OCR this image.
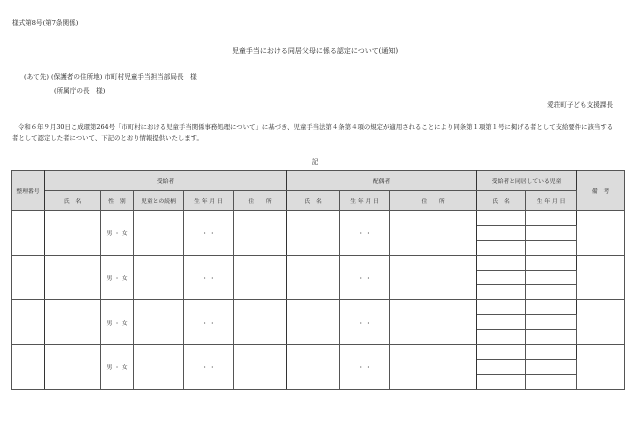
様式第8号(第7条関係)
児童手当における同居父母に係る認定について(通知)
(あて先) (保護者の住所地) 市町村児童手当担当部局長　様
(所属庁の長　様)
愛荘町子ども支援課長
令和６年９月30日こ成環第264号「市町村における児童手当関係事務処理について」に基づき、児童手当法第４条第４項の規定が適用されることにより同条第１項第１号に掲げる者として支給要件に該当する者として認定した者について、下記のとおり情報提供いたします。
記
整理番号	受給者					配偶者			受給者と同居している児童		備　考
	氏　名	性　別	児童との続柄	生 年 月 日	住　　所	氏　名	生 年 月 日	住　　所	氏　名	生 年 月 日	
		男 ・ 女		・ ・			・ ・				

		男 ・ 女		・ ・			・ ・				

		男 ・ 女		・ ・			・ ・				

		男 ・ 女		・ ・			・ ・				
